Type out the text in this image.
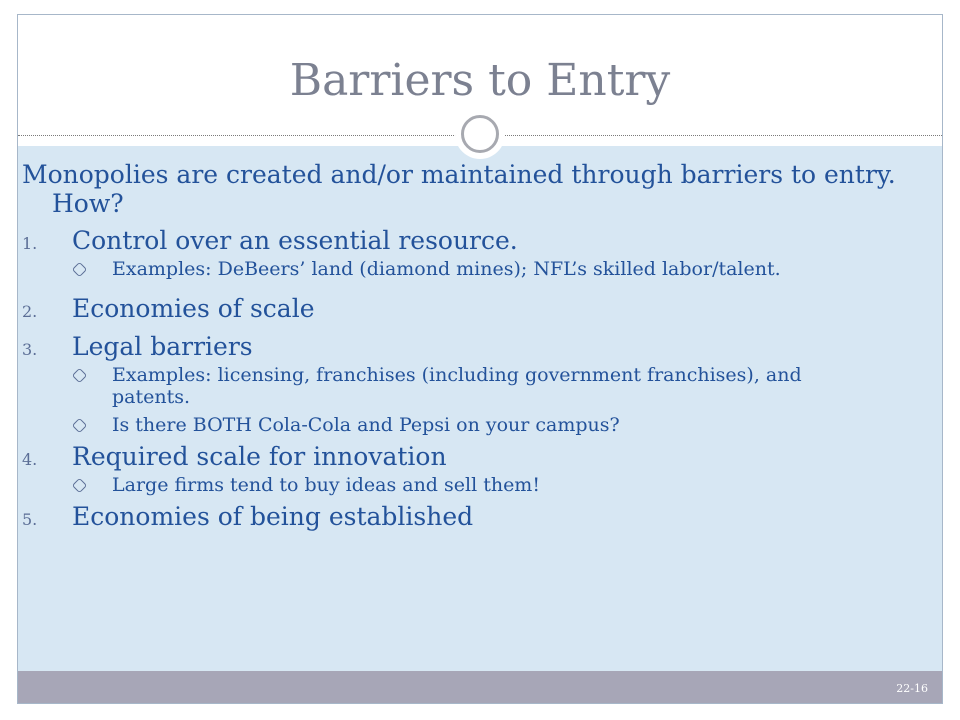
Barriers to Entry
22-16

Monopolies are created and/or maintained through barriers to entry. How?

1.	Control over an essential resource.
Examples: DeBeers’ land (diamond mines); NFL’s skilled labor/talent.
2.	Economies of scale
3.	Legal barriers
Examples: licensing, franchises (including government franchises), and patents.
Is there BOTH Cola-Cola and Pepsi on your campus?
4.	Required scale for innovation
Large firms tend to buy ideas and sell them!
5.	Economies of being established
